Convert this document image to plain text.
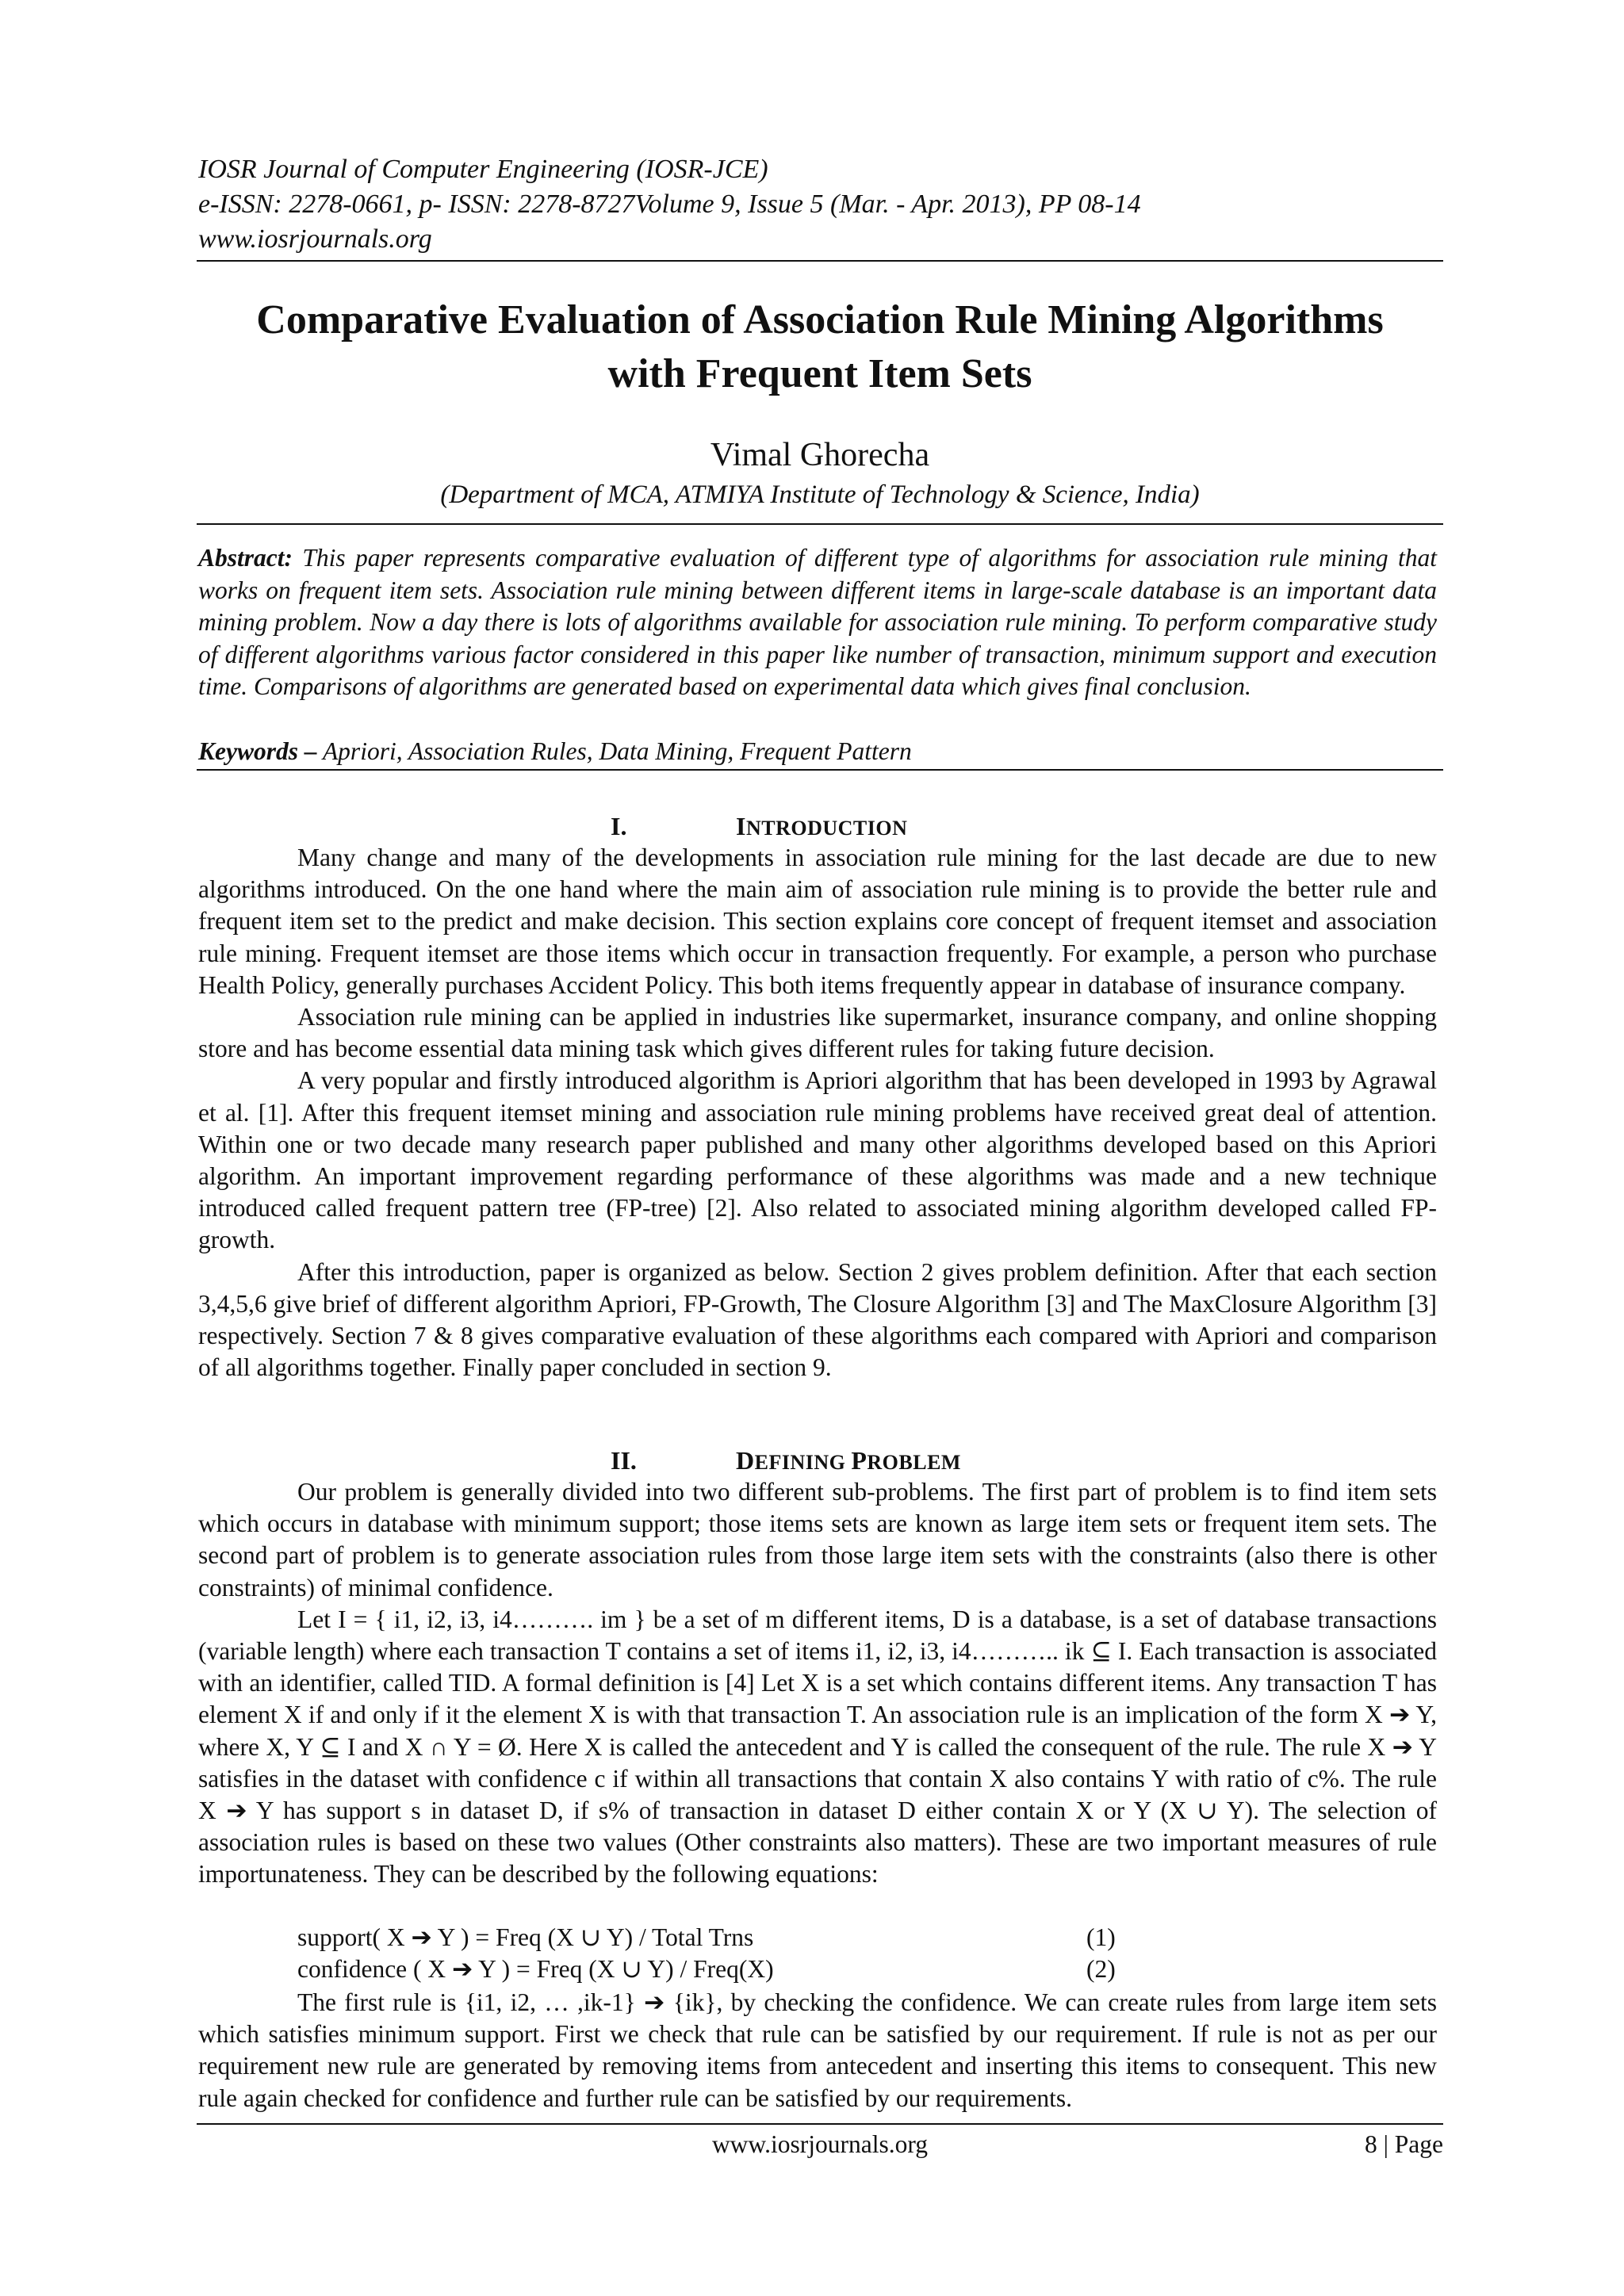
IOSR Journal of Computer Engineering (IOSR-JCE)
e-ISSN: 2278-0661, p- ISSN: 2278-8727Volume 9, Issue 5 (Mar. - Apr. 2013), PP 08-14
www.iosrjournals.org
Comparative Evaluation of Association Rule Mining Algorithms
with Frequent Item Sets
Vimal Ghorecha
(Department of MCA, ATMIYA Institute of Technology & Science, India)
Abstract: This paper represents comparative evaluation of different type of algorithms for association rule mining that works on frequent item sets. Association rule mining between different items in large-scale database is an important data mining problem. Now a day there is lots of algorithms available for association rule mining. To perform comparative study of different algorithms various factor considered in this paper like number of transaction, minimum support and execution time. Comparisons of algorithms are generated based on experimental data which gives final conclusion.
Keywords – Apriori, Association Rules, Data Mining, Frequent Pattern
I.	INTRODUCTION

Many change and many of the developments in association rule mining for the last decade are due to new algorithms introduced. On the one hand where the main aim of association rule mining is to provide the better rule and frequent item set to the predict and make decision. This section explains core concept of frequent itemset and association rule mining. Frequent itemset are those items which occur in transaction frequently. For example, a person who purchase Health Policy, generally purchases Accident Policy. This both items frequently appear in database of insurance company.

Association rule mining can be applied in industries like supermarket, insurance company, and online shopping store and has become essential data mining task which gives different rules for taking future decision.

A very popular and firstly introduced algorithm is Apriori algorithm that has been developed in 1993 by Agrawal et al. [1]. After this frequent itemset mining and association rule mining problems have received great deal of attention. Within one or two decade many research paper published and many other algorithms developed based on this Apriori algorithm. An important improvement regarding performance of these algorithms was made and a new technique introduced called frequent pattern tree (FP-tree) [2]. Also related to associated mining algorithm developed called FP-growth.

After this introduction, paper is organized as below. Section 2 gives problem definition. After that each section 3,4,5,6 give brief of different algorithm Apriori, FP-Growth, The Closure Algorithm [3] and The MaxClosure Algorithm [3] respectively. Section 7 & 8 gives comparative evaluation of these algorithms each compared with Apriori and comparison of all algorithms together. Finally paper concluded in section 9.

II.	DEFINING PROBLEM

Our problem is generally divided into two different sub-problems. The first part of problem is to find item sets which occurs in database with minimum support; those items sets are known as large item sets or frequent item sets. The second part of problem is to generate association rules from those large item sets with the constraints (also there is other constraints) of minimal confidence.

Let I = { i1, i2, i3, i4………. im } be a set of m different items, D is a database, is a set of database transactions (variable length) where each transaction T contains a set of items i1, i2, i3, i4……….. ik ⊆ I. Each transaction is associated with an identifier, called TID. A formal definition is [4] Let X is a set which contains different items. Any transaction T has element X if and only if it the element X is with that transaction T. An association rule is an implication of the form X ➔ Y, where X, Y ⊆ I and X ∩ Y = Ø. Here X is called the antecedent and Y is called the consequent of the rule. The rule X ➔ Y satisfies in the dataset with confidence c if within all transactions that contain X also contains Y with ratio of c%. The rule X ➔ Y has support s in dataset D, if s% of transaction in dataset D either contain X or Y (X ∪ Y). The selection of association rules is based on these two values (Other constraints also matters). These are two important measures of rule importunateness. They can be described by the following equations:

support( X ➔ Y ) = Freq (X ∪ Y) / Total Trns	(1)
confidence ( X ➔ Y ) = Freq (X ∪ Y) / Freq(X)	(2)

The first rule is {i1, i2, … ,ik-1} ➔ {ik}, by checking the confidence. We can create rules from large item sets which satisfies minimum support. First we check that rule can be satisfied by our requirement. If rule is not as per our requirement new rule are generated by removing items from antecedent and inserting this items to consequent. This new rule again checked for confidence and further rule can be satisfied by our requirements.

www.iosrjournals.org	8 | Page
